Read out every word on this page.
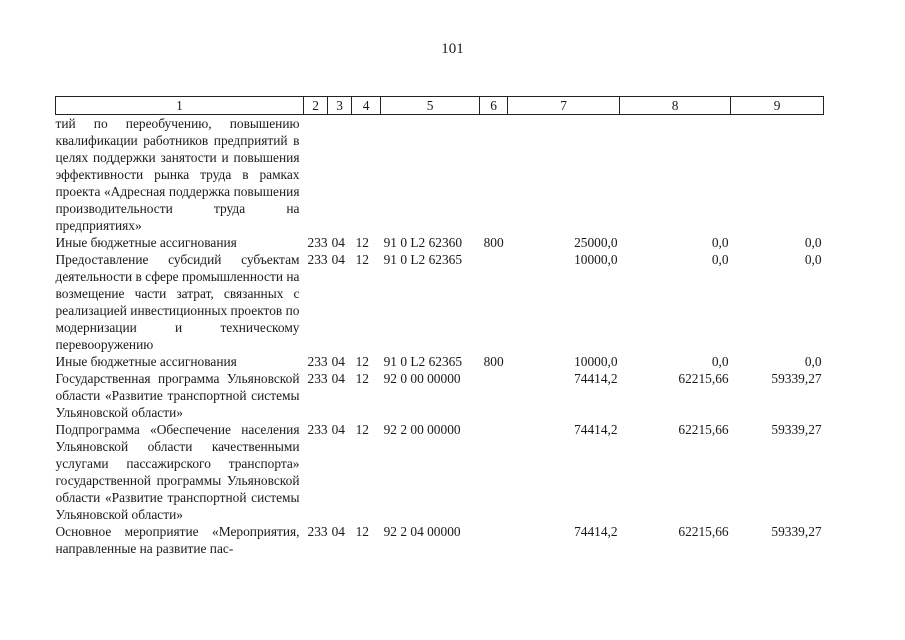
101
1	2	3	4	5	6	7	8	9
тий по переобучению, повышению квалификации работников предприятий в целях поддержки занятости и повышения эффективности рынка труда в рамках проекта «Адресная поддержка повышения производительности труда на предприятиях»								
Иные бюджетные ассигнования	233	04	12	91 0 L2 62360	800	25000,0	0,0	0,0
Предоставление субсидий субъектам деятельности в сфере промышленности на возмещение части затрат, связанных с реализацией инвестиционных проектов по модернизации и техническому перевооружению	233	04	12	91 0 L2 62365		10000,0	0,0	0,0
Иные бюджетные ассигнования	233	04	12	91 0 L2 62365	800	10000,0	0,0	0,0
Государственная программа Ульяновской области «Развитие транспортной системы Ульяновской области»	233	04	12	92 0 00 00000		74414,2	62215,66	59339,27
Подпрограмма «Обеспечение населения Ульяновской области качественными услугами пассажирского транспорта» государственной программы Ульяновской области «Развитие транспортной системы Ульяновской области»	233	04	12	92 2 00 00000		74414,2	62215,66	59339,27
Основное мероприятие «Мероприятия, направленные на развитие пас-	233	04	12	92 2 04 00000		74414,2	62215,66	59339,27
